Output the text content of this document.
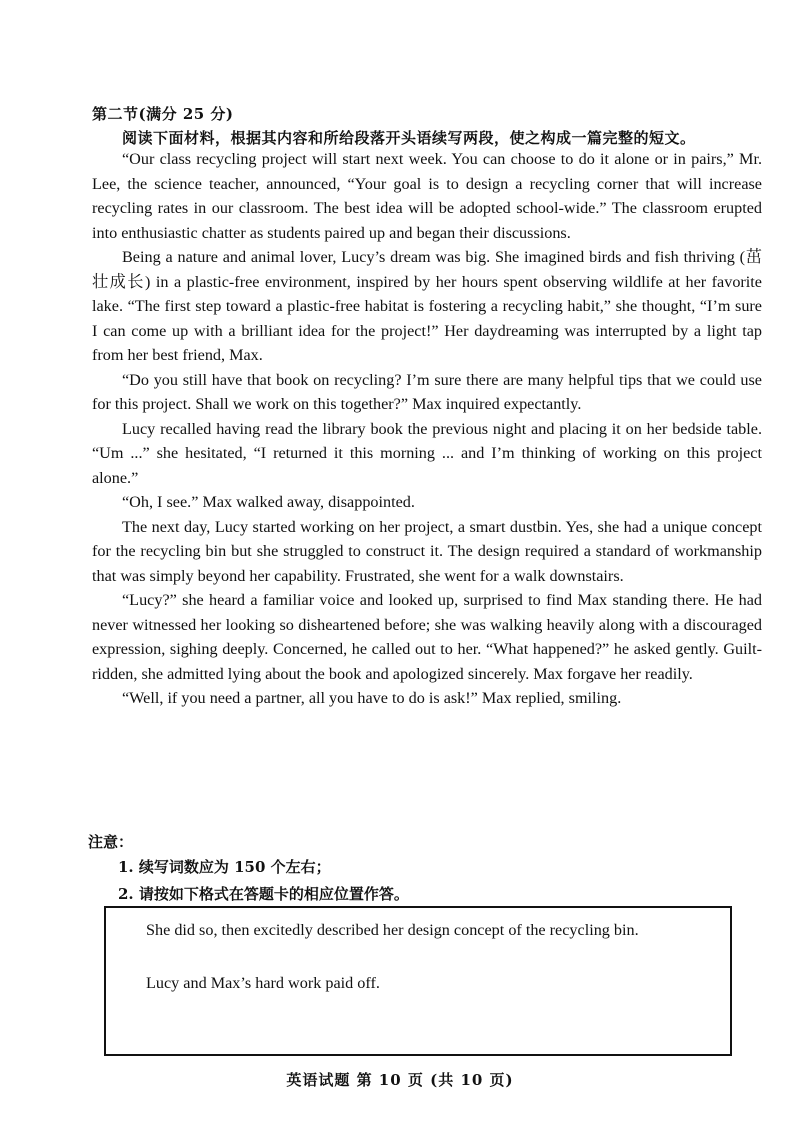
第二节(满分 25 分)
阅读下面材料，根据其内容和所给段落开头语续写两段，使之构成一篇完整的短文。

“Our class recycling project will start next week. You can choose to do it alone or in pairs,” Mr. Lee, the science teacher, announced, “Your goal is to design a recycling corner that will increase recycling rates in our classroom. The best idea will be adopted school-wide.” The classroom erupted into enthusiastic chatter as students paired up and began their discussions.

Being a nature and animal lover, Lucy’s dream was big. She imagined birds and fish thriving (茁壮成长) in a plastic-free environment, inspired by her hours spent observing wildlife at her favorite lake. “The first step toward a plastic-free habitat is fostering a recycling habit,” she thought, “I’m sure I can come up with a brilliant idea for the project!” Her daydreaming was interrupted by a light tap from her best friend, Max.

“Do you still have that book on recycling? I’m sure there are many helpful tips that we could use for this project. Shall we work on this together?” Max inquired expectantly.

Lucy recalled having read the library book the previous night and placing it on her bedside table. “Um ...” she hesitated, “I returned it this morning ... and I’m thinking of working on this project alone.”

“Oh, I see.” Max walked away, disappointed.

The next day, Lucy started working on her project, a smart dustbin. Yes, she had a unique concept for the recycling bin but she struggled to construct it. The design required a standard of workmanship that was simply beyond her capability. Frustrated, she went for a walk downstairs.

“Lucy?” she heard a familiar voice and looked up, surprised to find Max standing there. He had never witnessed her looking so disheartened before; she was walking heavily along with a discouraged expression, sighing deeply. Concerned, he called out to her. “What happened?” he asked gently. Guilt-ridden, she admitted lying about the book and apologized sincerely. Max forgave her readily.

“Well, if you need a partner, all you have to do is ask!” Max replied, smiling.

注意：
1. 续写词数应为 150 个左右；
2. 请按如下格式在答题卡的相应位置作答。
She did so, then excitedly described her design concept of the recycling bin.
Lucy and Max’s hard work paid off.
英语试题 第 10 页 (共 10 页)
